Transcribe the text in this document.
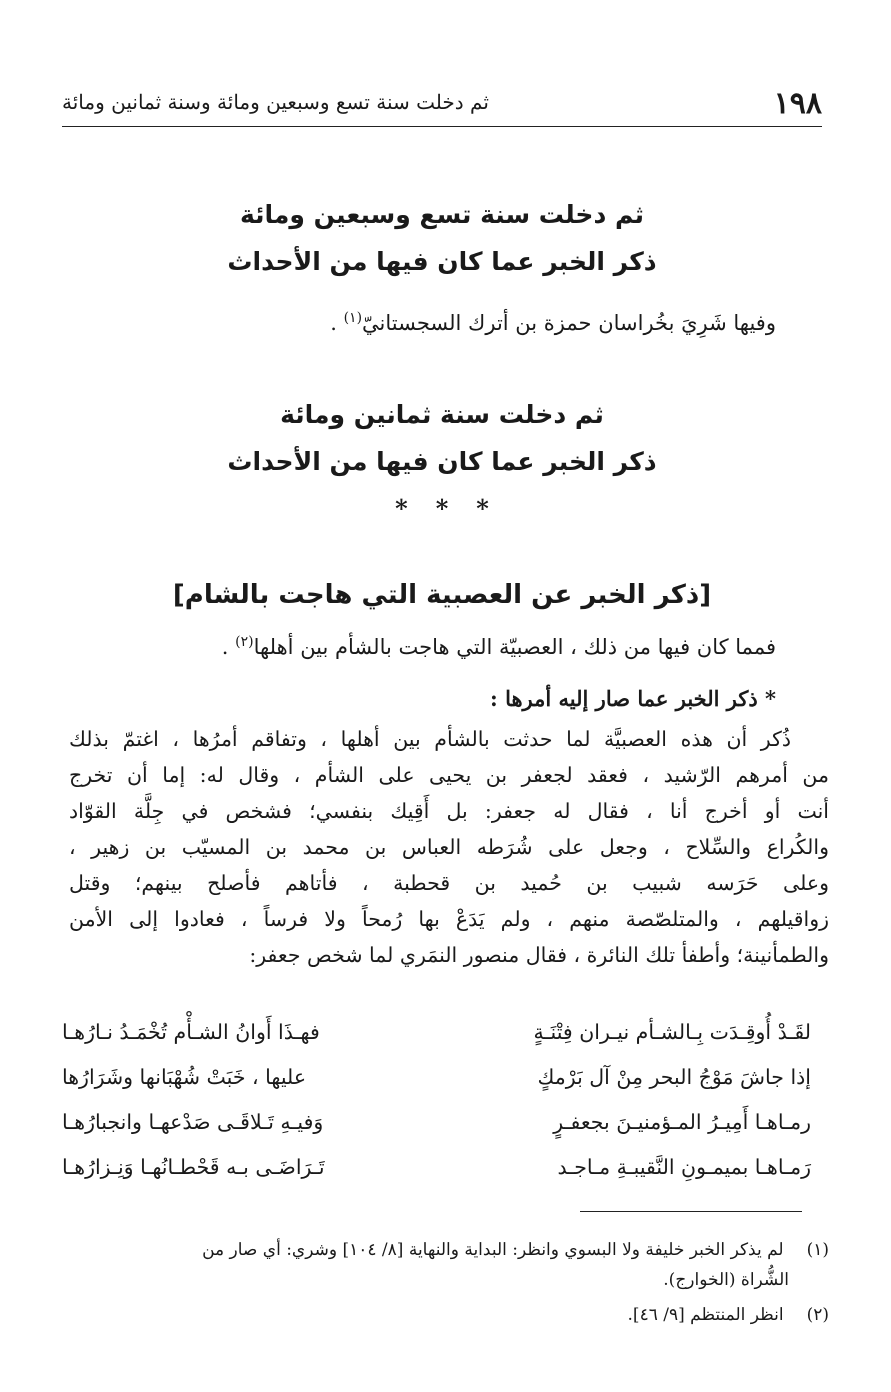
١٩٨
ثم دخلت سنة تسع وسبعين ومائة وسنة ثمانين ومائة
ثم دخلت سنة تسع وسبعين ومائة
ذكر الخبر عما كان فيها من الأحداث
وفيها شَرِيَ بخُراسان حمزة بن أترك السجستانيّ$^{(١)}$ .
ثم دخلت سنة ثمانين ومائة
ذكر الخبر عما كان فيها من الأحداث
***
[ذكر الخبر عن العصبية التي هاجت بالشام]
فمما كان فيها من ذلك ، العصبيّة التي هاجت بالشأم بين أهلها$^{(٢)}$ .
* ذكر الخبر عما صار إليه أمرها :
ذُكر أن هذه العصبيَّة لما حدثت بالشأم بين أهلها ، وتفاقم أمرُها ، اغتمّ بذلك
من أمرهم الرّشيد ، فعقد لجعفر بن يحيى على الشأم ، وقال له: إما أن تخرج
أنت أو أخرج أنا ، فقال له جعفر: بل أَقِيك بنفسي؛ فشخص في جِلَّة القوّاد
والكُراع والسِّلاح ، وجعل على شُرَطه العباس بن محمد بن المسيّب بن زهير ،
وعلى حَرَسه شبيب بن حُميد بن قحطبة ، فأتاهم فأصلح بينهم؛ وقتل
زواقيلهم ، والمتلصّصة منهم ، ولم يَدَعْ بها رُمحاً ولا فرساً ، فعادوا إلى الأمن
والطمأنينة؛ وأطفأ تلك النائرة ، فقال منصور النمَري لما شخص جعفر:
لقَـدْ أُوقِـدَت بِـالشـأم نيـران فِتْنَـةٍ
فهـذَا أَوانُ الشـأْم تُخْمَـدُ نـارُهـا
إذا جاشَ مَوْجُ البحر مِنْ آل بَرْمكٍ
عليها ، خَبَتْ شُهْبَانها وشَرَارُها
رمـاهـا أَمِيـرُ المـؤمنيـنَ بجعفـرٍ
وَفيـهِ تَـلاقَـى صَدْعهـا وانجبارُهـا
رَمـاهـا بميمـونِ النَّقيبـةِ مـاجـد
تَـرَاضَـى بـه قَحْطـانُهـا وَنِـزارُهـا
(١) لم يذكر الخبر خليفة ولا البسوي وانظر: البداية والنهاية [٨/ ١٠٤] وشري: أي صار من
الشُّراة (الخوارج).
(٢) انظر المنتظم [٩/ ٤٦].
